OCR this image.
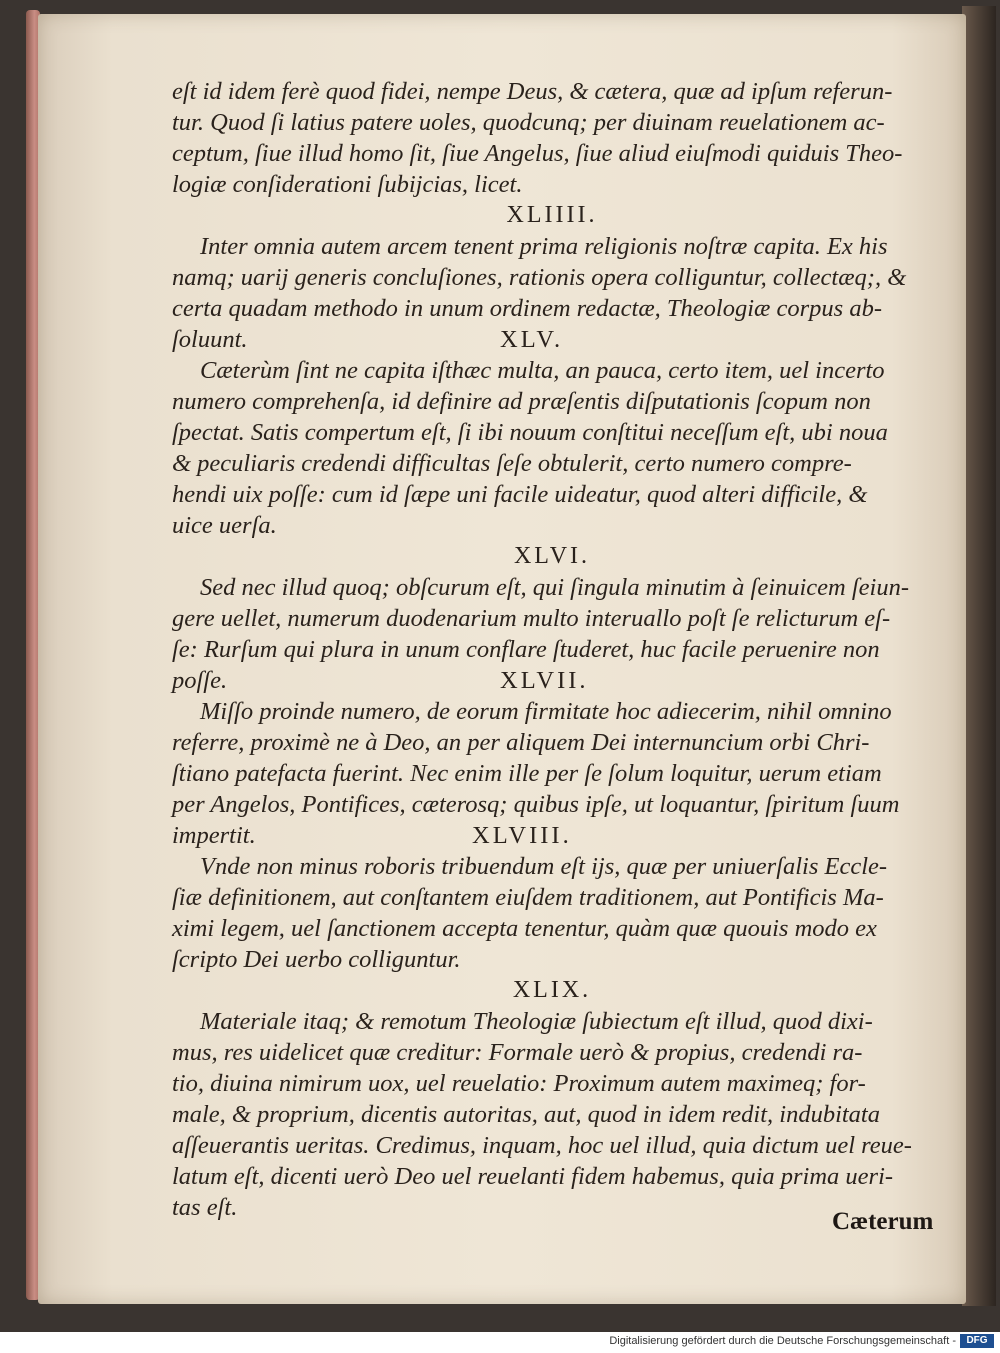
eſt id idem ferè quod fidei, nempe Deus, & cætera, quæ ad ipſum referun-
tur. Quod ſi latius patere uoles, quodcunq; per diuinam reuelationem ac-
ceptum, ſiue illud homo ſit, ſiue Angelus, ſiue aliud eiuſmodi quiduis Theo-
logiæ conſiderationi ſubijcias, licet.
XLIIII.
Inter omnia autem arcem tenent prima religionis noſtræ capita. Ex his
namq; uarij generis concluſiones, rationis opera colliguntur, collectæq;, &
certa quadam methodo in unum ordinem redactæ, Theologiæ corpus ab-
ſoluunt.	XLV.
Cæterùm ſint ne capita iſthæc multa, an pauca, certo item, uel incerto
numero comprehenſa, id definire ad præſentis diſputationis ſcopum non
ſpectat. Satis compertum eſt, ſi ibi nouum conſtitui neceſſum eſt, ubi noua
& peculiaris credendi difficultas ſeſe obtulerit, certo numero compre-
hendi uix poſſe: cum id ſæpe uni facile uideatur, quod alteri difficile, &
uice uerſa.
XLVI.
Sed nec illud quoq; obſcurum eſt, qui ſingula minutim à ſeinuicem ſeiun-
gere uellet, numerum duodenarium multo interuallo poſt ſe relicturum eſ-
ſe: Rurſum qui plura in unum conflare ſtuderet, huc facile peruenire non
poſſe.	XLVII.
Miſſo proinde numero, de eorum firmitate hoc adiecerim, nihil omnino
referre, proximè ne à Deo, an per aliquem Dei internuncium orbi Chri-
ſtiano patefacta fuerint. Nec enim ille per ſe ſolum loquitur, uerum etiam
per Angelos, Pontifices, cæterosq; quibus ipſe, ut loquantur, ſpiritum ſuum
impertit.	XLVIII.
Vnde non minus roboris tribuendum eſt ijs, quæ per uniuerſalis Eccle-
ſiæ definitionem, aut conſtantem eiuſdem traditionem, aut Pontificis Ma-
ximi legem, uel ſanctionem accepta tenentur, quàm quæ quouis modo ex
ſcripto Dei uerbo colliguntur.
XLIX.
Materiale itaq; & remotum Theologiæ ſubiectum eſt illud, quod dixi-
mus, res uidelicet quæ creditur: Formale uerò & propius, credendi ra-
tio, diuina nimirum uox, uel reuelatio: Proximum autem maximeq; for-
male, & proprium, dicentis autoritas, aut, quod in idem redit, indubitata
aſſeuerantis ueritas. Credimus, inquam, hoc uel illud, quia dictum uel reue-
latum eſt, dicenti uerò Deo uel reuelanti fidem habemus, quia prima ueri-
tas eſt.
Cæterum
Digitalisierung gefördert durch die Deutsche Forschungsgemeinschaft -	DFG
